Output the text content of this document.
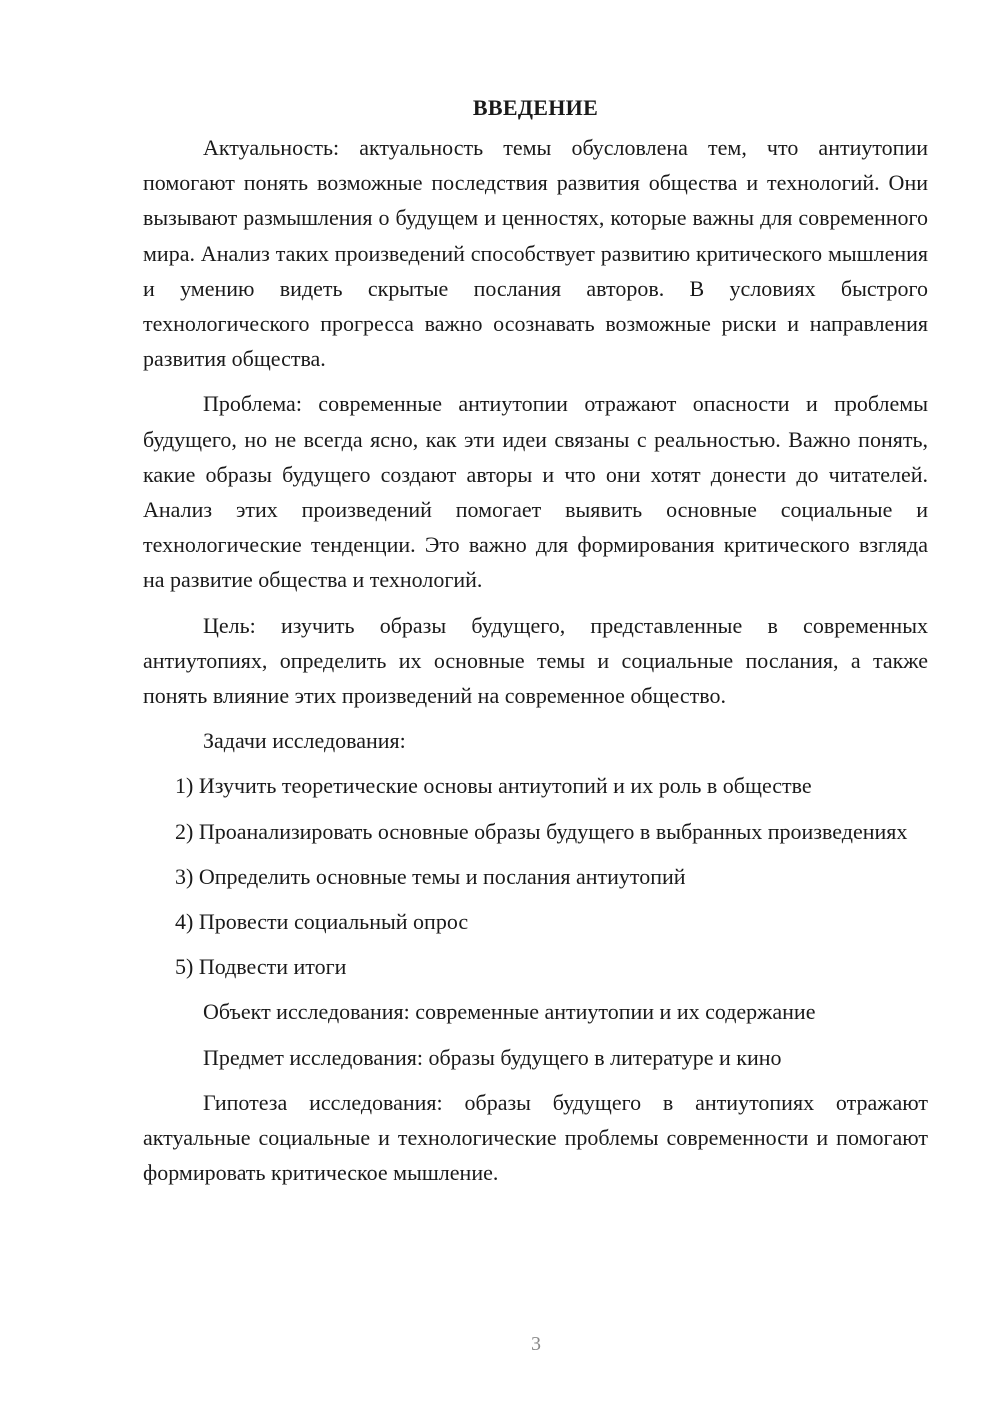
ВВЕДЕНИЕ

Актуальность: актуальность темы обусловлена тем, что антиутопии помогают понять возможные последствия развития общества и технологий. Они вызывают размышления о будущем и ценностях, которые важны для современного мира. Анализ таких произведений способствует развитию критического мышления и умению видеть скрытые послания авторов. В условиях быстрого технологического прогресса важно осознавать возможные риски и направления развития общества.

Проблема: современные антиутопии отражают опасности и проблемы будущего, но не всегда ясно, как эти идеи связаны с реальностью. Важно понять, какие образы будущего создают авторы и что они хотят донести до читателей. Анализ этих произведений помогает выявить основные социальные и технологические тенденции. Это важно для формирования критического взгляда на развитие общества и технологий.

Цель: изучить образы будущего, представленные в современных антиутопиях, определить их основные темы и социальные послания, а также понять влияние этих произведений на современное общество.

Задачи исследования:

1) Изучить теоретические основы антиутопий и их роль в обществе

2) Проанализировать основные образы будущего в выбранных произведениях

3) Определить основные темы и послания антиутопий

4) Провести социальный опрос

5) Подвести итоги

Объект исследования: современные антиутопии и их содержание

Предмет исследования: образы будущего в литературе и кино

Гипотеза исследования: образы будущего в антиутопиях отражают актуальные социальные и технологические проблемы современности и помогают формировать критическое мышление.

3
